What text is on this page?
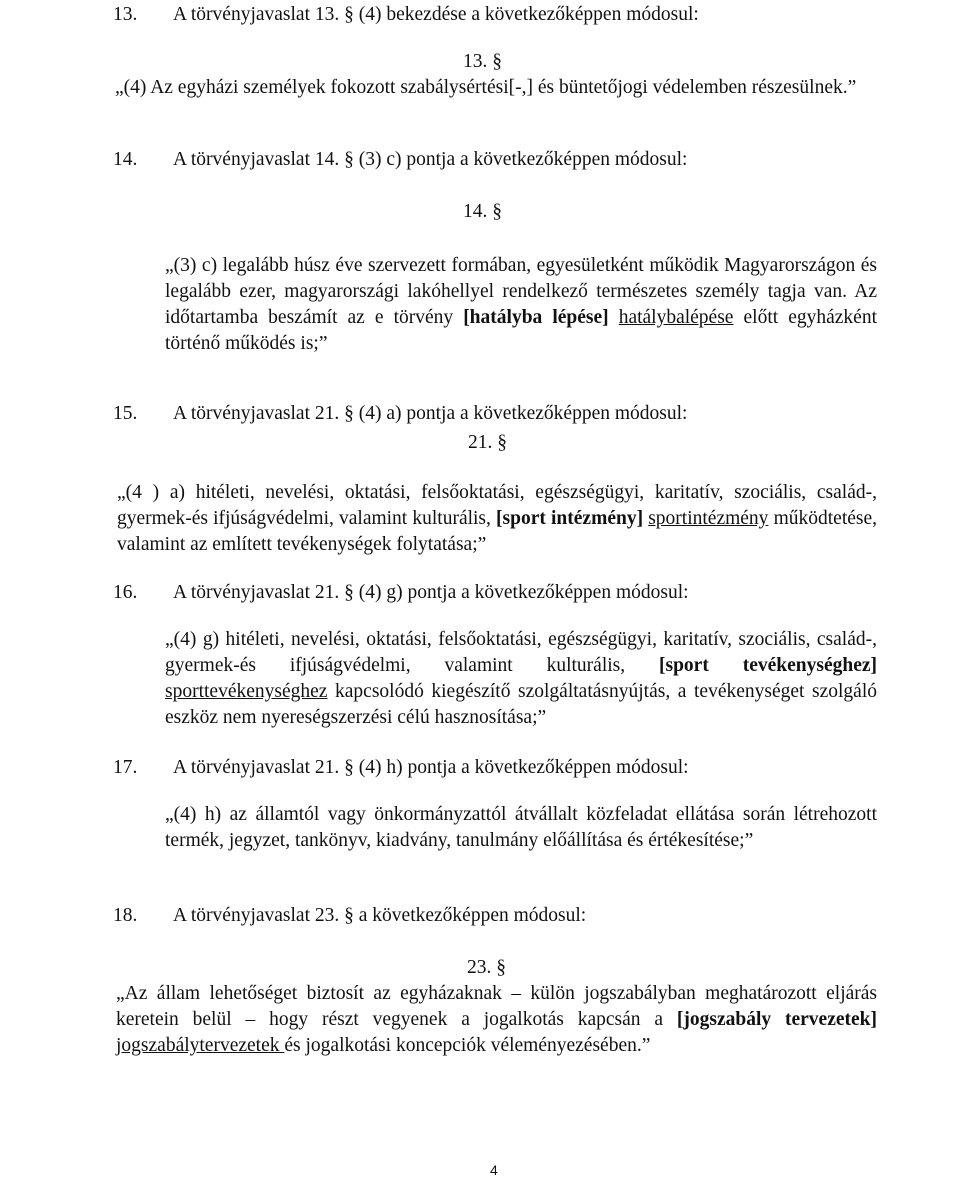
13. A törvényjavaslat 13. § (4) bekezdése a következőképpen módosul:
13. §
„(4) Az egyházi személyek fokozott szabálysértési[-,] és büntetőjogi védelemben részesülnek.”
14. A törvényjavaslat 14. § (3) c) pontja a következőképpen módosul:
14. §
„(3) c) legalább húsz éve szervezett formában, egyesületként működik Magyarországon és legalább ezer, magyarországi lakóhellyel rendelkező természetes személy tagja van. Az időtartamba beszámít az e törvény [hatályba lépése] hatálybalépése előtt egyházként történő működés is;”
15. A törvényjavaslat 21. § (4) a) pontja a következőképpen módosul:
21. §
„(4 ) a) hitéleti, nevelési, oktatási, felsőoktatási, egészségügyi, karitatív, szociális, család-, gyermek-és ifjúságvédelmi, valamint kulturális, [sport intézmény] sportintézmény működtetése, valamint az említett tevékenységek folytatása;”
16. A törvényjavaslat 21. § (4) g) pontja a következőképpen módosul:
„(4) g) hitéleti, nevelési, oktatási, felsőoktatási, egészségügyi, karitatív, szociális, család-, gyermek-és ifjúságvédelmi, valamint kulturális, [sport tevékenységhez] sporttevékenységhez kapcsolódó kiegészítő szolgáltatásnyújtás, a tevékenységet szolgáló eszköz nem nyereségszerzési célú hasznosítása;”
17. A törvényjavaslat 21. § (4) h) pontja a következőképpen módosul:
„(4) h) az államtól vagy önkormányzattól átvállalt közfeladat ellátása során létrehozott termék, jegyzet, tankönyv, kiadvány, tanulmány előállítása és értékesítése;”
18. A törvényjavaslat 23. § a következőképpen módosul:
23. §
„Az állam lehetőséget biztosít az egyházaknak – külön jogszabályban meghatározott eljárás keretein belül – hogy részt vegyenek a jogalkotás kapcsán a [jogszabály tervezetek] jogszabálytervezetek és jogalkotási koncepciók véleményezésében.”
4
